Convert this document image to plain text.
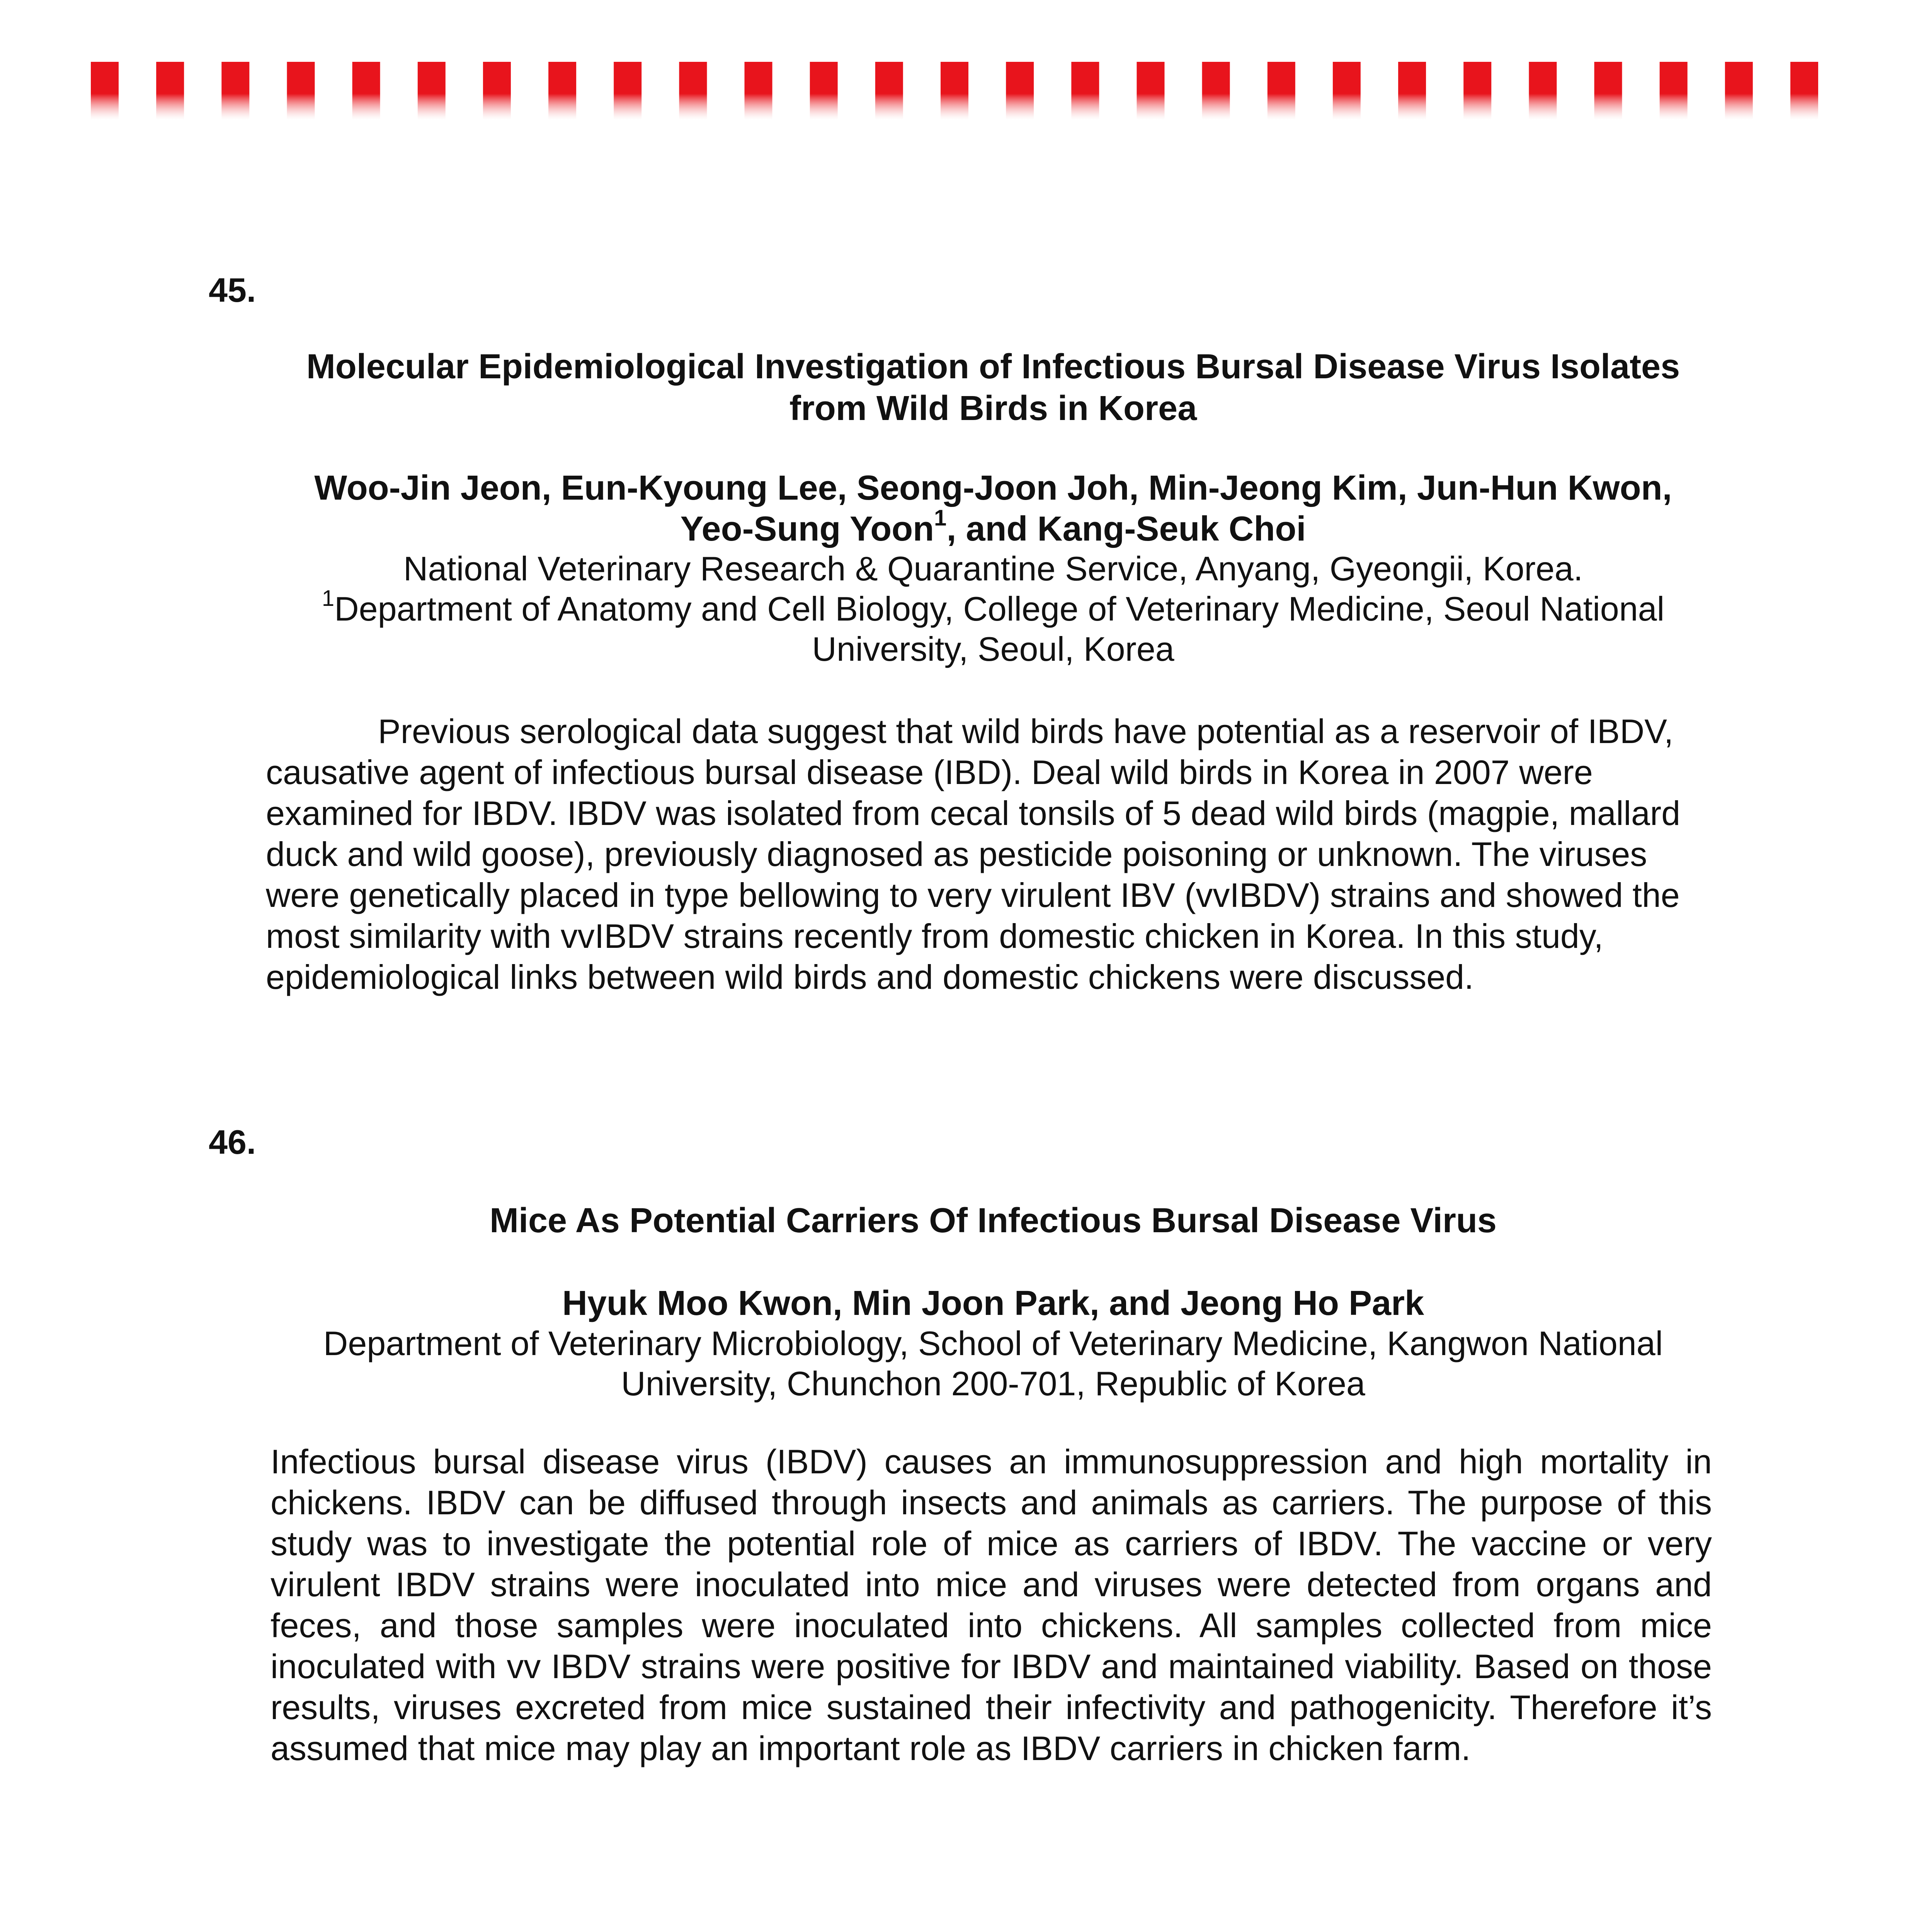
45.

Molecular Epidemiological Investigation of Infectious Bursal Disease Virus Isolates

from Wild Birds in Korea

Woo-Jin Jeon, Eun-Kyoung Lee, Seong-Joon Joh, Min-Jeong Kim, Jun-Hun Kwon,

Yeo-Sung Yoon$^1$, and Kang-Seuk Choi

National Veterinary Research & Quarantine Service, Anyang, Gyeongii, Korea.

$^1$Department of Anatomy and Cell Biology, College of Veterinary Medicine, Seoul National

University, Seoul, Korea

Previous serological data suggest that wild birds have potential as a reservoir of IBDV, causative agent of infectious bursal disease (IBD). Deal wild birds in Korea in 2007 were examined for IBDV. IBDV was isolated from cecal tonsils of 5 dead wild birds (magpie, mallard duck and wild goose), previously diagnosed as pesticide poisoning or unknown. The viruses were genetically placed in type bellowing to very virulent IBV (vvIBDV) strains and showed the most similarity with vvIBDV strains recently from domestic chicken in Korea. In this study, epidemiological links between wild birds and domestic chickens were discussed.

46.

Mice As Potential Carriers Of Infectious Bursal Disease Virus

Hyuk Moo Kwon, Min Joon Park, and Jeong Ho Park

Department of Veterinary Microbiology, School of Veterinary Medicine, Kangwon National

University, Chunchon 200-701, Republic of Korea

Infectious bursal disease virus (IBDV) causes an immunosuppression and high mortality in chickens. IBDV can be diffused through insects and animals as carriers. The purpose of this study was to investigate the potential role of mice as carriers of IBDV. The vaccine or very virulent IBDV strains were inoculated into mice and viruses were detected from organs and feces, and those samples were inoculated into chickens. All samples collected from mice inoculated with vv IBDV strains were positive for IBDV and maintained viability. Based on those results, viruses excreted from mice sustained their infectivity and pathogenicity. Therefore it’s assumed that mice may play an important role as IBDV carriers in chicken farm.
